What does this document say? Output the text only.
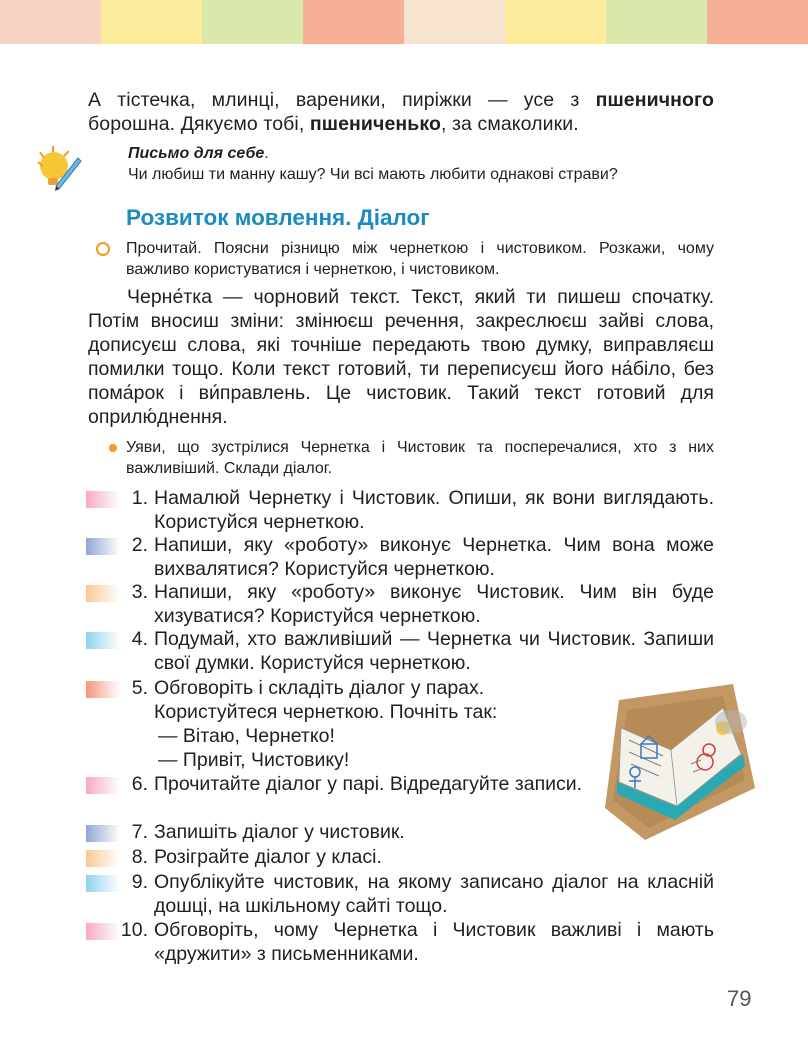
А тістечка, млинці, вареники, пиріжки — усе з пшеничного борошна. Дякуємо тобі, пшениченько, за смаколики.
Письмо для себе.
Чи любиш ти манну кашу? Чи всі мають любити однакові страви?
Розвиток мовлення. Діалог
Прочитай. Поясни різницю між чернеткою і чистовиком. Розкажи, чому важливо користуватися і чернеткою, і чистовиком.
Черне́тка — чорновий текст. Текст, який ти пишеш спочатку. Потім вносиш зміни: змінюєш речення, закреслюєш зайві слова, дописуєш слова, які точніше передають твою думку, виправляєш помилки тощо. Коли текст готовий, ти переписуєш його на́біло, без пома́рок і ви́правлень. Це чистовик. Такий текст готовий для оприлю́днення.
Уяви, що зустрілися Чернетка і Чистовик та посперечалися, хто з них важливіший. Склади діалог.
1. Намалюй Чернетку і Чистовик. Опиши, як вони виглядають. Користуйся чернеткою.
2. Напиши, яку «роботу» виконує Чернетка. Чим вона може вихвалятися? Користуйся чернеткою.
3. Напиши, яку «роботу» виконує Чистовик. Чим він буде хизуватися? Користуйся чернеткою.
4. Подумай, хто важливіший — Чернетка чи Чистовик. Запиши свої думки. Користуйся чернеткою.
5. Обговоріть і складіть діалог у парах. Користуйтеся чернеткою. Почніть так:
— Вітаю, Чернетко!
— Привіт, Чистовику!
6. Прочитайте діалог у парі. Відредагуйте записи.
7. Запишіть діалог у чистовик.
8. Розіграйте діалог у класі.
9. Опублікуйте чистовик, на якому записано діалог на класній дошці, на шкільному сайті тощо.
10. Обговоріть, чому Чернетка і Чистовик важливі і мають «дружити» з письменниками.
79
